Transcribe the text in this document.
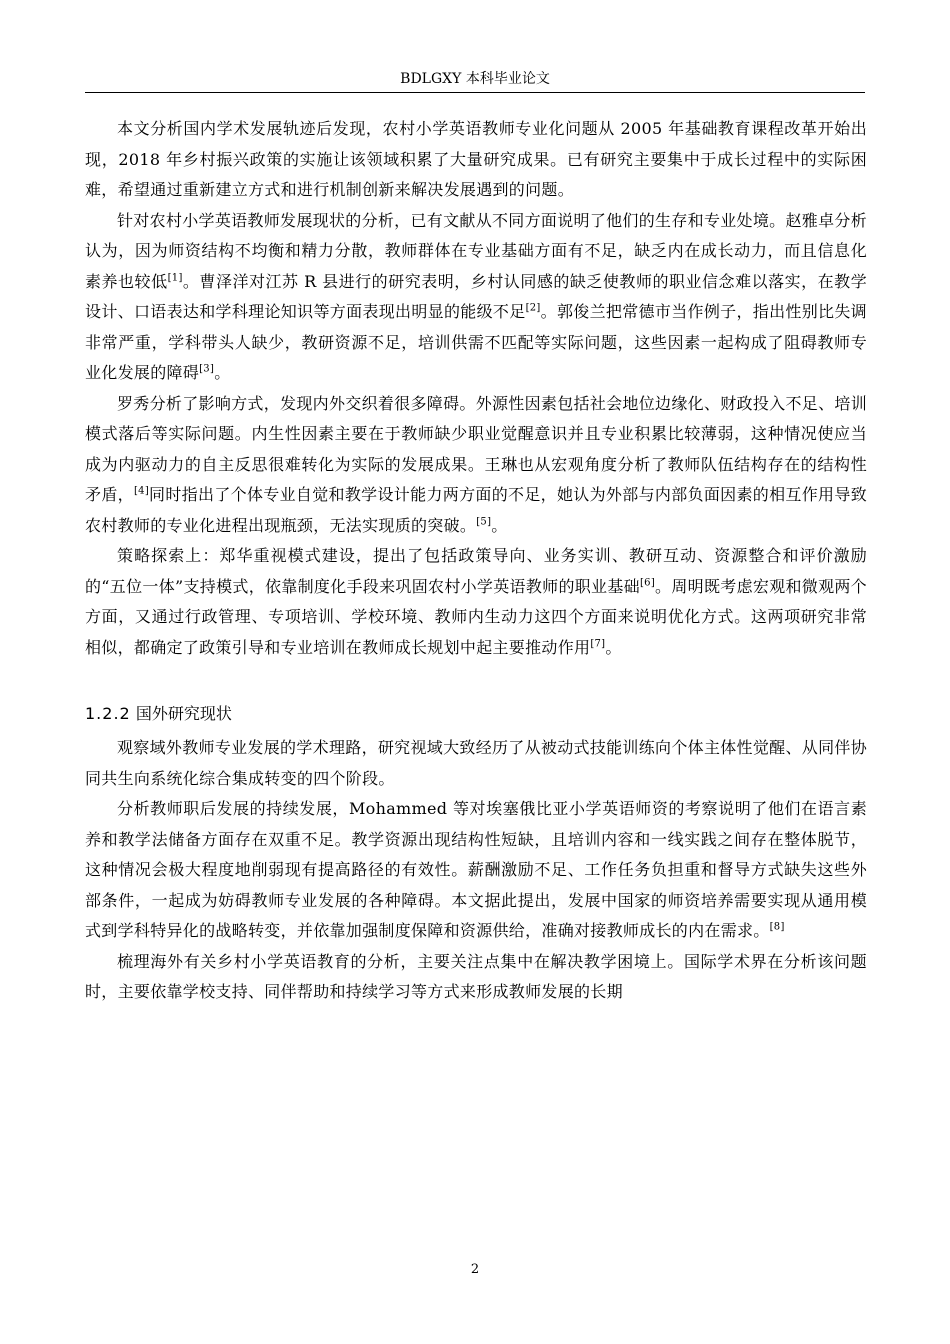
BDLGXY 本科毕业论文

本文分析国内学术发展轨迹后发现，农村小学英语教师专业化问题从 2005 年基础教育课程改革开始出现，2018 年乡村振兴政策的实施让该领域积累了大量研究成果。已有研究主要集中于成长过程中的实际困难，希望通过重新建立方式和进行机制创新来解决发展遇到的问题。

针对农村小学英语教师发展现状的分析，已有文献从不同方面说明了他们的生存和专业处境。赵雅卓分析认为，因为师资结构不均衡和精力分散，教师群体在专业基础方面有不足，缺乏内在成长动力，而且信息化素养也较低[1]。曹泽洋对江苏 R 县进行的研究表明，乡村认同感的缺乏使教师的职业信念难以落实，在教学设计、口语表达和学科理论知识等方面表现出明显的能级不足[2]。郭俊兰把常德市当作例子，指出性别比失调非常严重，学科带头人缺少，教研资源不足，培训供需不匹配等实际问题，这些因素一起构成了阻碍教师专业化发展的障碍[3]。

罗秀分析了影响方式，发现内外交织着很多障碍。外源性因素包括社会地位边缘化、财政投入不足、培训模式落后等实际问题。内生性因素主要在于教师缺少职业觉醒意识并且专业积累比较薄弱，这种情况使应当成为内驱动力的自主反思很难转化为实际的发展成果。王琳也从宏观角度分析了教师队伍结构存在的结构性矛盾，[4]同时指出了个体专业自觉和教学设计能力两方面的不足，她认为外部与内部负面因素的相互作用导致农村教师的专业化进程出现瓶颈，无法实现质的突破。[5]。

策略探索上：郑华重视模式建设，提出了包括政策导向、业务实训、教研互动、资源整合和评价激励的“五位一体”支持模式，依靠制度化手段来巩固农村小学英语教师的职业基础[6]。周明既考虑宏观和微观两个方面，又通过行政管理、专项培训、学校环境、教师内生动力这四个方面来说明优化方式。这两项研究非常相似，都确定了政策引导和专业培训在教师成长规划中起主要推动作用[7]。

1.2.2 国外研究现状

观察域外教师专业发展的学术理路，研究视域大致经历了从被动式技能训练向个体主体性觉醒、从同伴协同共生向系统化综合集成转变的四个阶段。

分析教师职后发展的持续发展，Mohammed 等对埃塞俄比亚小学英语师资的考察说明了他们在语言素养和教学法储备方面存在双重不足。教学资源出现结构性短缺，且培训内容和一线实践之间存在整体脱节，这种情况会极大程度地削弱现有提高路径的有效性。薪酬激励不足、工作任务负担重和督导方式缺失这些外部条件，一起成为妨碍教师专业发展的各种障碍。本文据此提出，发展中国家的师资培养需要实现从通用模式到学科特异化的战略转变，并依靠加强制度保障和资源供给，准确对接教师成长的内在需求。[8]

梳理海外有关乡村小学英语教育的分析，主要关注点集中在解决教学困境上。国际学术界在分析该问题时，主要依靠学校支持、同伴帮助和持续学习等方式来形成教师发展的长期

2
